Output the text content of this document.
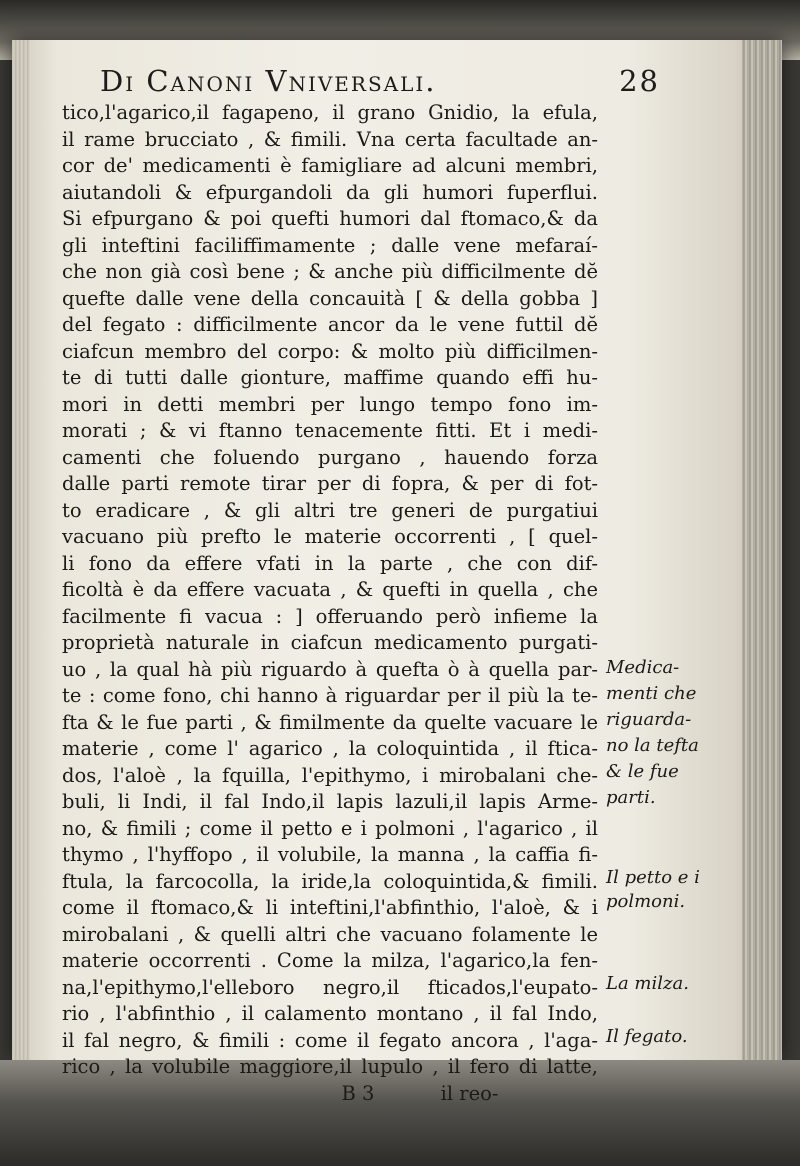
Di Canoni Vniversali.	28
tico,l'agarico,il fagapeno, il grano Gnidio, la efula,
il rame brucciato , & fimili. Vna certa facultade an-
cor de' medicamenti è famigliare ad alcuni membri,
aiutandoli & efpurgandoli da gli humori fuperflui.
Si efpurgano & poi quefti humori dal ftomaco,& da
gli inteftini faciliffimamente ; dalle vene mefaraí-
che non già così bene ; & anche più difficilmente dĕ
quefte dalle vene della concauità [ & della gobba ]
del fegato : difficilmente ancor da le vene futtil dĕ
ciafcun membro del corpo: & molto più difficilmen-
te di tutti dalle gionture, maffime quando effi hu-
mori in detti membri per lungo tempo fono im-
morati ; & vi ftanno tenacemente fitti. Et i medi-
camenti che foluendo purgano , hauendo forza
dalle parti remote tirar per di fopra, & per di fot-
to eradicare , & gli altri tre generi de purgatiui
vacuano più prefto le materie occorrenti , [ quel-
li fono da effere vfati in la parte , che con dif-
ficoltà è da effere vacuata , & quefti in quella , che
facilmente fi vacua : ] offeruando però infieme la
proprietà naturale in ciafcun medicamento purgati-
uo , la qual hà più riguardo à quefta ò à quella par-
te : come fono, chi hanno à riguardar per il più la te-
fta & le fue parti , & fimilmente da quelte vacuare le
materie , come l' agarico , la coloquintida , il fticа-
dos, l'aloè , la fquilla, l'epithymo, i mirobalani che-
buli, li Indi, il fal Indo,il lapis lazuli,il lapis Arme-
no, & fimili ; come il petto e i polmoni , l'agarico , il
thymo , l'hyffopo , il volubile, la manna , la caffia fi-
ftula, la farcocolla, la iride,la coloquintida,& fimili.
come il ftomaco,& li inteftini,l'abfinthio, l'aloè, & i
mirobalani , & quelli altri che vacuano folamente le
materie occorrenti . Come la milza, l'agarico,la fen-
na,l'epithymo,l'elleboro negro,il fticados,l'eupato-
rio , l'abfinthio , il calamento montano , il fal Indo,
il fal negro, & fimili : come il fegato ancora , l'aga-
rico , la volubile maggiore,il lupulo , il fero di latte,
B 3	il reo-
Medica-
menti che
riguarda-
no la tefta
& le fue
parti.
Il petto e i
polmoni.
La milza.
Il fegato.
